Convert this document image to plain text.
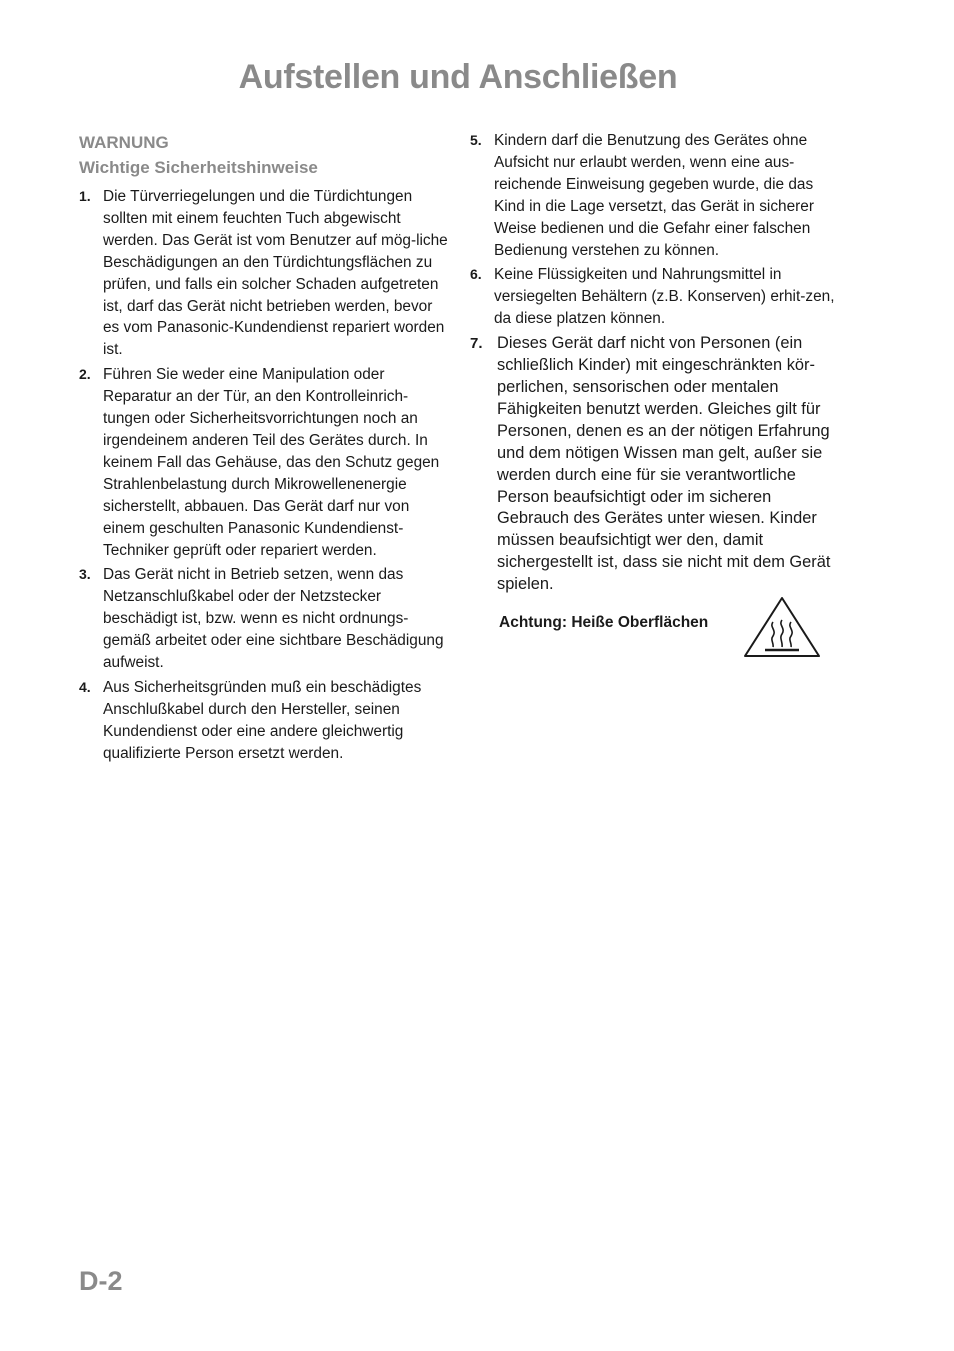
Aufstellen und Anschließen
WARNUNG
Wichtige Sicherheitshinweise
1. Die Türverriegelungen und die Türdichtungen sollten mit einem feuchten Tuch abgewischt werden. Das Gerät ist vom Benutzer auf mög-liche Beschädigungen an den Türdichtungsflächen zu prüfen, und falls ein solcher Schaden aufgetreten ist, darf das Gerät nicht betrieben werden, bevor es vom Panasonic-Kundendienst repariert worden ist.
2. Führen Sie weder eine Manipulation oder Reparatur an der Tür, an den Kontrolleinrich-tungen oder Sicherheitsvorrichtungen noch an irgendeinem anderen Teil des Gerätes durch. In keinem Fall das Gehäuse, das den Schutz gegen Strahlenbelastung durch Mikrowellenenergie sicherstellt, abbauen. Das Gerät darf nur von einem geschulten Panasonic Kundendienst-Techniker geprüft oder repariert werden.
3. Das Gerät nicht in Betrieb setzen, wenn das Netzanschlußkabel oder der Netzstecker beschädigt ist, bzw. wenn es nicht ordnungs-gemäß arbeitet oder eine sichtbare Beschädigung aufweist.
4. Aus Sicherheitsgründen muß ein beschädigtes Anschlußkabel durch den Hersteller, seinen Kundendienst oder eine andere gleichwertig qualifizierte Person ersetzt werden.
5. Kindern darf die Benutzung des Gerätes ohne Aufsicht nur erlaubt werden, wenn eine aus-reichende Einweisung gegeben wurde, die das Kind in die Lage versetzt, das Gerät in sicherer Weise bedienen und die Gefahr einer falschen Bedienung verstehen zu können.
6. Keine Flüssigkeiten und Nahrungsmittel in versiegelten Behältern (z.B. Konserven) erhit-zen, da diese platzen können.
7. Dieses Gerät darf nicht von Personen (ein schließlich Kinder) mit eingeschränkten kör-perlichen, sensorischen oder mentalen Fähigkeiten benutzt werden. Gleiches gilt für Personen, denen es an der nötigen Erfahrung und dem nötigen Wissen man gelt, außer sie werden durch eine für sie verantwortliche Person beaufsichtigt oder im sicheren Gebrauch des Gerätes unter wiesen. Kinder müssen beaufsichtigt wer den, damit sichergestellt ist, dass sie nicht mit dem Gerät spielen.
Achtung: Heiße Oberflächen
D-2
